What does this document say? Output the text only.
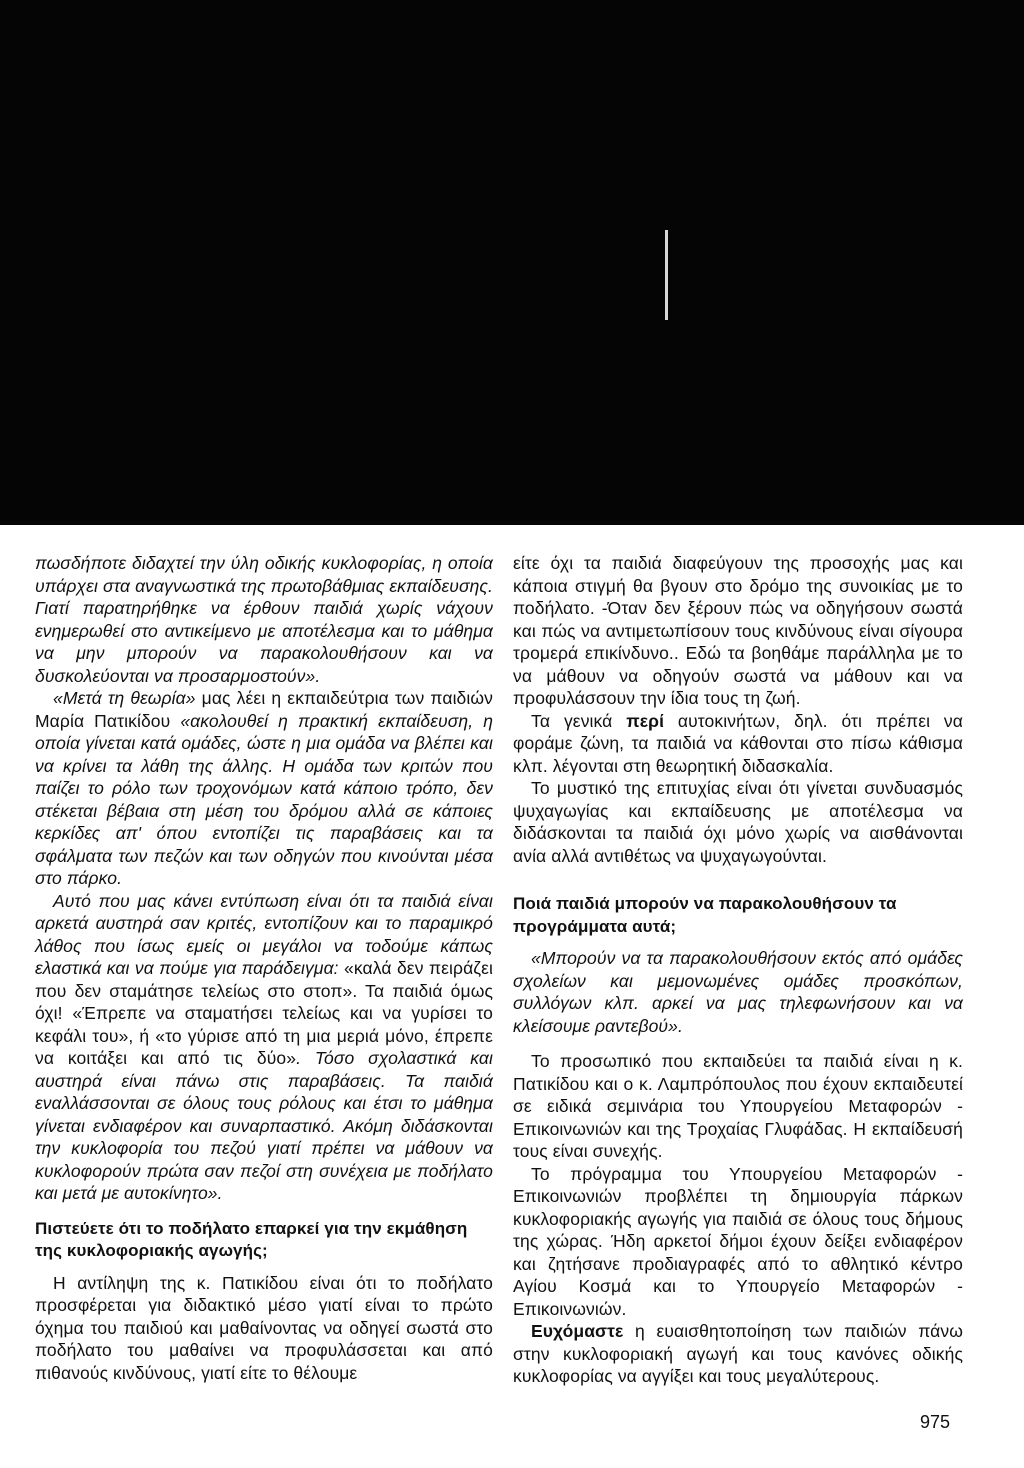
πωσδήποτε διδαχτεί την ύλη οδικής κυκλοφορίας, η οποία υπάρχει στα αναγνωστικά της πρωτοβάθμιας εκπαίδευσης. Γιατί παρατηρήθηκε να έρθουν παιδιά χωρίς νάχουν ενημερωθεί στο αντικείμενο με αποτέλεσμα και το μάθημα να μην μπορούν να παρακολουθήσουν και να δυσκολεύονται να προσαρμοστούν».

«Μετά τη θεωρία» μας λέει η εκπαιδεύτρια των παιδιών Μαρία Πατικίδου «ακολουθεί η πρακτική εκπαίδευση, η οποία γίνεται κατά ομάδες, ώστε η μια ομάδα να βλέπει και να κρίνει τα λάθη της άλλης. Η ομάδα των κριτών που παίζει το ρόλο των τροχονόμων κατά κάποιο τρόπο, δεν στέκεται βέβαια στη μέση του δρόμου αλλά σε κάποιες κερκίδες απ' όπου εντοπίζει τις παραβάσεις και τα σφάλματα των πεζών και των οδηγών που κινούνται μέσα στο πάρκο.

Αυτό που μας κάνει εντύπωση είναι ότι τα παιδιά είναι αρκετά αυστηρά σαν κριτές, εντοπίζουν και το παραμικρό λάθος που ίσως εμείς οι μεγάλοι να τοδούμε κάπως ελαστικά και να πούμε για παράδειγμα: «καλά δεν πειράζει που δεν σταμάτησε τελείως στο στοπ». Τα παιδιά όμως όχι! «Έπρεπε να σταματήσει τελείως και να γυρίσει το κεφάλι του», ή «το γύρισε από τη μια μεριά μόνο, έπρεπε να κοιτάξει και από τις δύο». Τόσο σχολαστικά και αυστηρά είναι πάνω στις παραβάσεις. Τα παιδιά εναλλάσσονται σε όλους τους ρόλους και έτσι το μάθημα γίνεται ενδιαφέρον και συναρπαστικό. Ακόμη διδάσκονται την κυκλοφορία του πεζού γιατί πρέπει να μάθουν να κυκλοφορούν πρώτα σαν πεζοί στη συνέχεια με ποδήλατο και μετά με αυτοκίνητο».

Πιστεύετε ότι το ποδήλατο επαρκεί για την εκμάθηση της κυκλοφοριακής αγωγής;

Η αντίληψη της κ. Πατικίδου είναι ότι το ποδήλατο προσφέρεται για διδακτικό μέσο γιατί είναι το πρώτο όχημα του παιδιού και μαθαίνοντας να οδηγεί σωστά στο ποδήλατο του μαθαίνει να προφυλάσσεται και από πιθανούς κινδύνους, γιατί είτε το θέλουμε

είτε όχι τα παιδιά διαφεύγουν της προσοχής μας και κάποια στιγμή θα βγουν στο δρόμο της συνοικίας με το ποδήλατο. -Όταν δεν ξέρουν πώς να οδηγήσουν σωστά και πώς να αντιμετωπίσουν τους κινδύνους είναι σίγουρα τρομερά επικίνδυνο.. Εδώ τα βοηθάμε παράλληλα με το να μάθουν να οδηγούν σωστά να μάθουν και να προφυλάσσουν την ίδια τους τη ζωή.

Τα γενικά περί αυτοκινήτων, δηλ. ότι πρέπει να φοράμε ζώνη, τα παιδιά να κάθονται στο πίσω κάθισμα κλπ. λέγονται στη θεωρητική διδασκαλία.

Το μυστικό της επιτυχίας είναι ότι γίνεται συνδυασμός ψυχαγωγίας και εκπαίδευσης με αποτέλεσμα να διδάσκονται τα παιδιά όχι μόνο χωρίς να αισθάνονται ανία αλλά αντιθέτως να ψυχαγωγούνται.

Ποιά παιδιά μπορούν να παρακολουθήσουν τα προγράμματα αυτά;

«Μπορούν να τα παρακολουθήσουν εκτός από ομάδες σχολείων και μεμονωμένες ομάδες προσκόπων, συλλόγων κλπ. αρκεί να μας τηλεφωνήσουν και να κλείσουμε ραντεβού».

Το προσωπικό που εκπαιδεύει τα παιδιά είναι η κ. Πατικίδου και ο κ. Λαμπρόπουλος που έχουν εκπαιδευτεί σε ειδικά σεμινάρια του Υπουργείου Μεταφορών - Επικοινωνιών και της Τροχαίας Γλυφάδας. Η εκπαίδευσή τους είναι συνεχής.

Το πρόγραμμα του Υπουργείου Μεταφορών - Επικοινωνιών προβλέπει τη δημιουργία πάρκων κυκλοφοριακής αγωγής για παιδιά σε όλους τους δήμους της χώρας. Ήδη αρκετοί δήμοι έχουν δείξει ενδιαφέρον και ζητήσανε προδιαγραφές από το αθλητικό κέντρο Αγίου Κοσμά και το Υπουργείο Μεταφορών - Επικοινωνιών.

Ευχόμαστε η ευαισθητοποίηση των παιδιών πάνω στην κυκλοφοριακή αγωγή και τους κανόνες οδικής κυκλοφορίας να αγγίξει και τους μεγαλύτερους.

975
